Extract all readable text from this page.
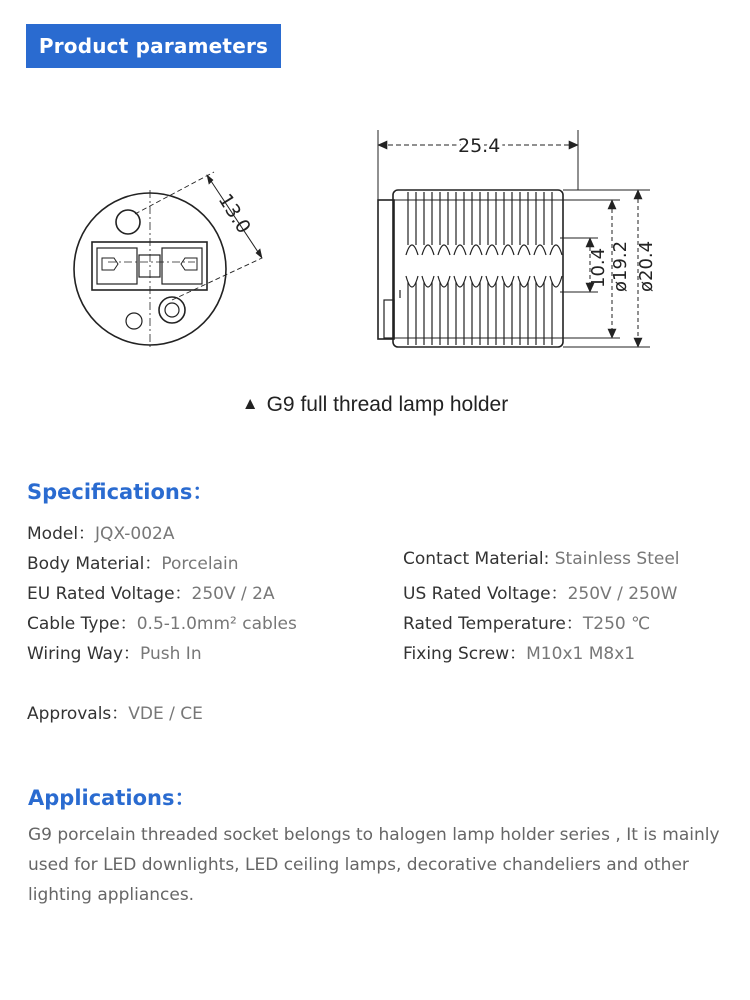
Product parameters
13.0
25.4
10.4 ø19.2 ø20.4
▲ G9 full thread lamp holder
Specifications：
Model：JQX-002A
Body Material：Porcelain	Contact Material: Stainless Steel
EU Rated Voltage：250V / 2A	US Rated Voltage：250V / 250W
Cable Type：0.5-1.0mm² cables	Rated Temperature：T250 ℃
Wiring Way：Push In	Fixing Screw：M10x1 M8x1
Approvals：VDE / CE
Applications：
G9 porcelain threaded socket belongs to halogen lamp holder series , It is mainly used for LED downlights, LED ceiling lamps, decorative chandeliers and other lighting appliances.
